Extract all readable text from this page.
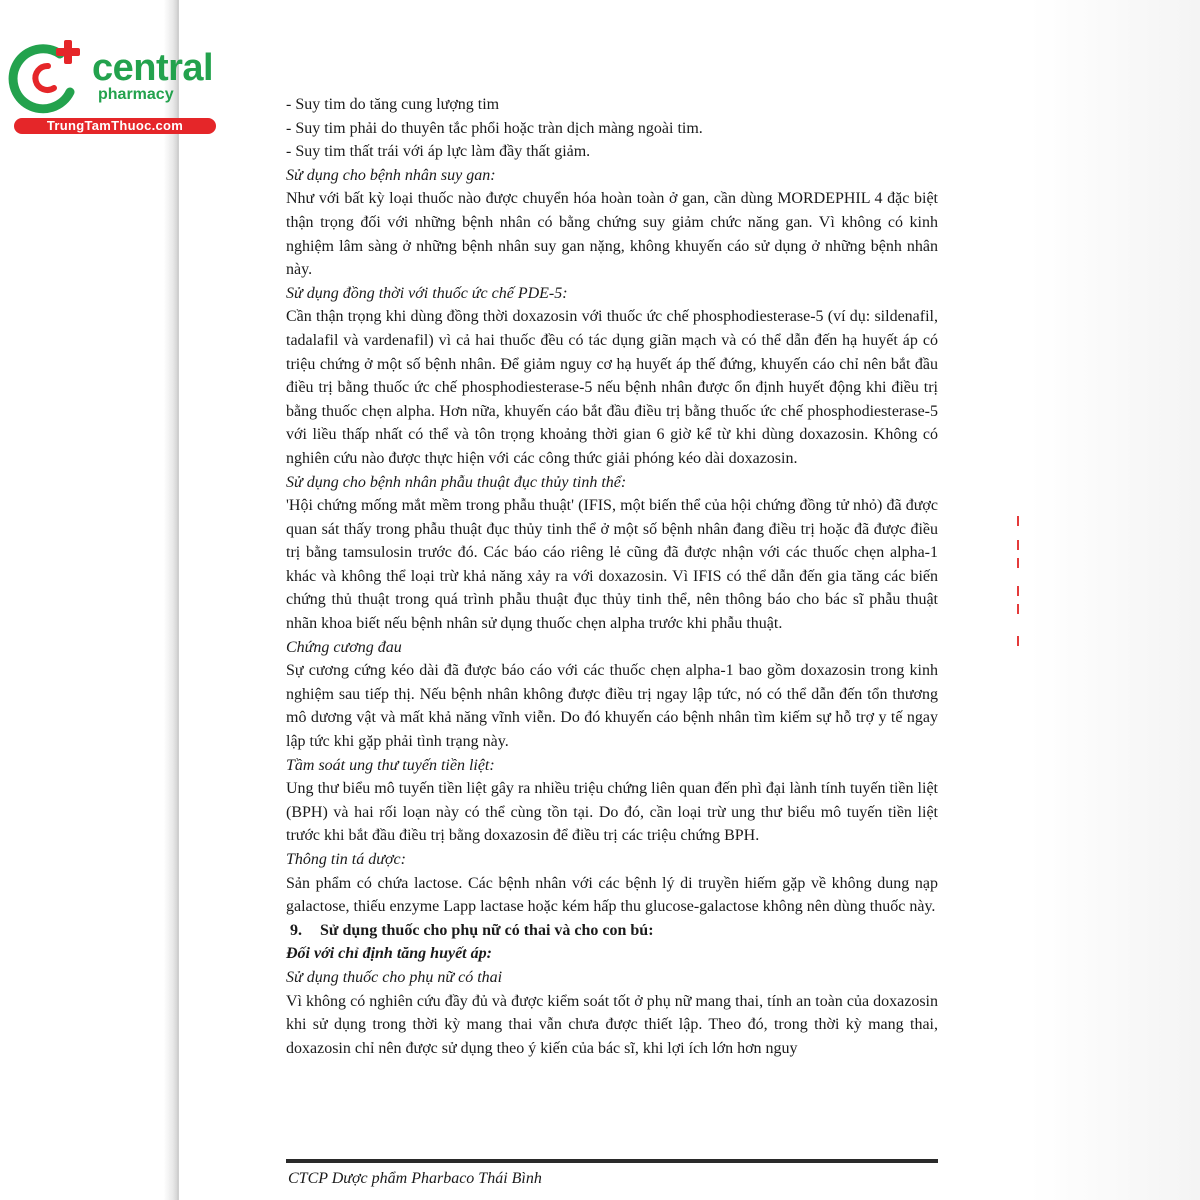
central
pharmacy
TrungTamThuoc.com

- Suy tim do tăng cung lượng tim

- Suy tim phải do thuyên tắc phổi hoặc tràn dịch màng ngoài tim.

- Suy tim thất trái với áp lực làm đầy thất giảm.

Sử dụng cho bệnh nhân suy gan:

Như với bất kỳ loại thuốc nào được chuyển hóa hoàn toàn ở gan, cần dùng MORDEPHIL 4 đặc biệt thận trọng đối với những bệnh nhân có bằng chứng suy giảm chức năng gan. Vì không có kinh nghiệm lâm sàng ở những bệnh nhân suy gan nặng, không khuyến cáo sử dụng ở những bệnh nhân này.

Sử dụng đồng thời với thuốc ức chế PDE-5:

Cần thận trọng khi dùng đồng thời doxazosin với thuốc ức chế phosphodiesterase-5 (ví dụ: sildenafil, tadalafil và vardenafil) vì cả hai thuốc đều có tác dụng giãn mạch và có thể dẫn đến hạ huyết áp có triệu chứng ở một số bệnh nhân. Để giảm nguy cơ hạ huyết áp thế đứng, khuyến cáo chỉ nên bắt đầu điều trị bằng thuốc ức chế phosphodiesterase-5 nếu bệnh nhân được ổn định huyết động khi điều trị bằng thuốc chẹn alpha. Hơn nữa, khuyến cáo bắt đầu điều trị bằng thuốc ức chế phosphodiesterase-5 với liều thấp nhất có thể và tôn trọng khoảng thời gian 6 giờ kể từ khi dùng doxazosin. Không có nghiên cứu nào được thực hiện với các công thức giải phóng kéo dài doxazosin.

Sử dụng cho bệnh nhân phẫu thuật đục thủy tinh thể:

'Hội chứng mống mắt mềm trong phẫu thuật' (IFIS, một biến thể của hội chứng đồng tử nhỏ) đã được quan sát thấy trong phẫu thuật đục thủy tinh thể ở một số bệnh nhân đang điều trị hoặc đã được điều trị bằng tamsulosin trước đó. Các báo cáo riêng lẻ cũng đã được nhận với các thuốc chẹn alpha-1 khác và không thể loại trừ khả năng xảy ra với doxazosin. Vì IFIS có thể dẫn đến gia tăng các biến chứng thủ thuật trong quá trình phẫu thuật đục thủy tinh thể, nên thông báo cho bác sĩ phẫu thuật nhãn khoa biết nếu bệnh nhân sử dụng thuốc chẹn alpha trước khi phẫu thuật.

Chứng cương đau

Sự cương cứng kéo dài đã được báo cáo với các thuốc chẹn alpha-1 bao gồm doxazosin trong kinh nghiệm sau tiếp thị. Nếu bệnh nhân không được điều trị ngay lập tức, nó có thể dẫn đến tổn thương mô dương vật và mất khả năng vĩnh viễn. Do đó khuyến cáo bệnh nhân tìm kiếm sự hỗ trợ y tế ngay lập tức khi gặp phải tình trạng này.

Tầm soát ung thư tuyến tiền liệt:

Ung thư biểu mô tuyến tiền liệt gây ra nhiều triệu chứng liên quan đến phì đại lành tính tuyến tiền liệt (BPH) và hai rối loạn này có thể cùng tồn tại. Do đó, cần loại trừ ung thư biểu mô tuyến tiền liệt trước khi bắt đầu điều trị bằng doxazosin để điều trị các triệu chứng BPH.

Thông tin tá dược:

Sản phẩm có chứa lactose. Các bệnh nhân với các bệnh lý di truyền hiếm gặp về không dung nạp galactose, thiếu enzyme Lapp lactase hoặc kém hấp thu glucose-galactose không nên dùng thuốc này.

9. Sử dụng thuốc cho phụ nữ có thai và cho con bú:

Đối với chỉ định tăng huyết áp:

Sử dụng thuốc cho phụ nữ có thai

Vì không có nghiên cứu đầy đủ và được kiểm soát tốt ở phụ nữ mang thai, tính an toàn của doxazosin khi sử dụng trong thời kỳ mang thai vẫn chưa được thiết lập. Theo đó, trong thời kỳ mang thai, doxazosin chỉ nên được sử dụng theo ý kiến của bác sĩ, khi lợi ích lớn hơn nguy

CTCP Dược phẩm Pharbaco Thái Bình
